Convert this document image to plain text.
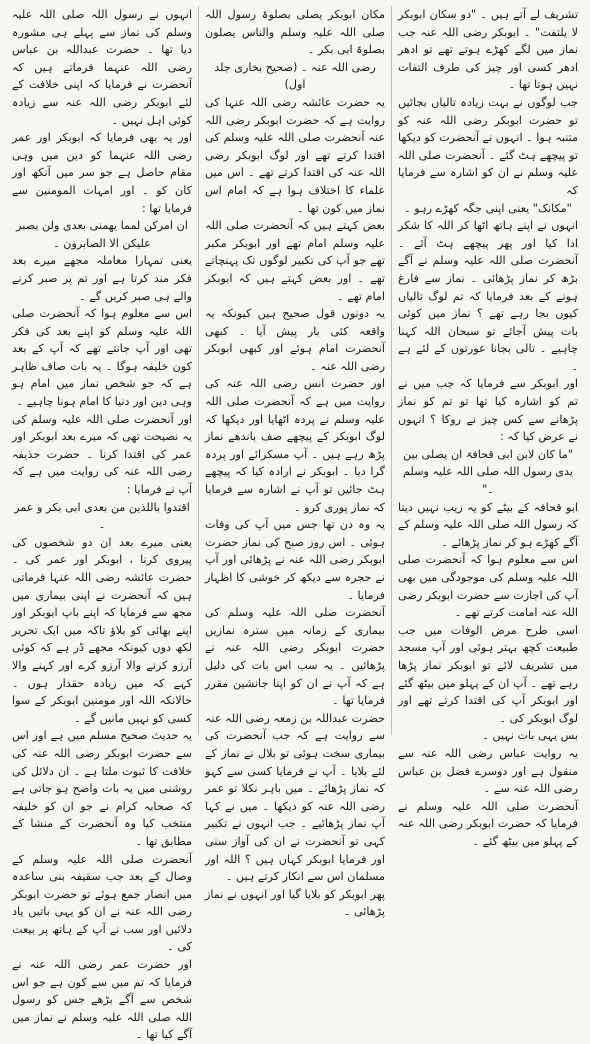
تشریف لے آتے ہیں ۔ "دو سکان ابوبکر لا یلتفت" ۔ ابوبکر رضی اللہ عنہ جب نماز میں لگے کھڑے ہوتے تھے تو ادھر ادھر کسی اور چیز کی طرف التفات نہیں ہوتا تھا ۔

جب لوگوں نے بہت زیادہ تالیاں بجائیں تو حضرت ابوبکر رضی اللہ عنہ کو متنبہ ہوا ۔ انہوں نے آنحضرت کو دیکھا تو پیچھے ہٹ گئے ۔ آنحضرت صلی اللہ علیہ وسلم نے ان کو اشارہ سے فرمایا کہ

"مکانک" یعنی اپنی جگہ کھڑے رہو ۔

انہوں نے اپنے ہاتھ اٹھا کر اللہ کا شکر ادا کیا اور پھر پیچھے ہٹ آئے ۔ آنحضرت صلی اللہ علیہ وسلم نے آگے بڑھ کر نماز پڑھائی ۔ نماز سے فارغ ہونے کے بعد فرمایا کہ تم لوگ تالیاں کیوں بجا رہے تھے ؟ نماز میں کوئی بات پیش آجائے تو سبحان اللہ کہنا چاہیے ۔ تالی بجانا عورتوں کے لئے ہے ۔

اور ابوبکر سے فرمایا کہ جب میں نے تم کو اشارہ کیا تھا تو تم کو نماز پڑھانے سے کس چیز نے روکا ؟ انہوں نے عرض کیا کہ :

"ما کان لابن ابی قحافۃ ان یصلی بین یدی رسول اللہ صلی اللہ علیہ وسلم ۔"

ابو قحافہ کے بیٹے کو یہ زیب نہیں دیتا کہ رسول اللہ صلی اللہ علیہ وسلم کے آگے کھڑے ہو کر نماز پڑھائے ۔

اس سے معلوم ہوا کہ آنحضرت صلی اللہ علیہ وسلم کی موجودگی میں بھی آپ کی اجازت سے حضرت ابوبکر رضی اللہ عنہ امامت کرتے تھے ۔

اسی طرح مرض الوفات میں جب طبیعت کچھ بہتر ہوئی اور آپ مسجد میں تشریف لائے تو ابوبکر نماز پڑھا رہے تھے ۔ آپ ان کے پہلو میں بیٹھ گئے اور ابوبکر آپ کی اقتدا کرتے تھے اور لوگ ابوبکر کی ۔

بس یہی بات نہیں ۔

یہ روایت عباس رضی اللہ عنہ سے منقول ہے اور دوسرے فضل بن عباس رضی اللہ عنہ سے ۔

آنحضرت صلی اللہ علیہ وسلم نے فرمایا کہ حضرت ابوبکر رضی اللہ عنہ کے پہلو میں بیٹھ گئے ۔

مکان ابوبکر یصلی بصلوۃ رسول اللہ صلی اللہ علیہ وسلم والناس یصلون بصلوۃ ابی بکر ۔

رضی اللہ عنہ ۔ (صحیح بخاری جلد اول)

یہ حضرت عائشہ رضی اللہ عنہا کی روایت ہے کہ حضرت ابوبکر رضی اللہ عنہ آنحضرت صلی اللہ علیہ وسلم کی اقتدا کرتے تھے اور لوگ ابوبکر رضی اللہ عنہ کی اقتدا کرتے تھے ۔ اس میں علماء کا اختلاف ہوا ہے کہ امام اس نماز میں کون تھا ۔

بعض کہتے ہیں کہ آنحضرت صلی اللہ علیہ وسلم امام تھے اور ابوبکر مکبر تھے جو آپ کی تکبیر لوگوں تک پہنچاتے تھے ۔ اور بعض کہتے ہیں کہ ابوبکر امام تھے ۔

یہ دونوں قول صحیح ہیں کیونکہ یہ واقعہ کئی بار پیش آیا ۔ کبھی آنحضرت امام ہوئے اور کبھی ابوبکر رضی اللہ عنہ ۔

اور حضرت انس رضی اللہ عنہ کی روایت میں ہے کہ آنحضرت صلی اللہ علیہ وسلم نے پردہ اٹھایا اور دیکھا کہ لوگ ابوبکر کے پیچھے صف باندھے نماز پڑھ رہے ہیں ۔ آپ مسکرائے اور پردہ گرا دیا ۔ ابوبکر نے ارادہ کیا کہ پیچھے ہٹ جائیں تو آپ نے اشارہ سے فرمایا کہ نماز پوری کرو ۔

یہ وہ دن تھا جس میں آپ کی وفات ہوئی ۔ اس روز صبح کی نماز حضرت ابوبکر رضی اللہ عنہ نے پڑھائی اور آپ نے حجرہ سے دیکھ کر خوشی کا اظہار فرمایا ۔

آنحضرت صلی اللہ علیہ وسلم کی بیماری کے زمانہ میں سترہ نمازیں حضرت ابوبکر رضی اللہ عنہ نے پڑھائیں ۔ یہ سب اس بات کی دلیل ہے کہ آپ نے ان کو اپنا جانشین مقرر فرمایا تھا ۔

حضرت عبداللہ بن زمعہ رضی اللہ عنہ سے روایت ہے کہ جب آنحضرت کی بیماری سخت ہوئی تو بلال نے نماز کے لئے بلایا ۔ آپ نے فرمایا کسی سے کہو کہ نماز پڑھائے ۔ میں باہر نکلا تو عمر رضی اللہ عنہ کو دیکھا ۔ میں نے کہا آپ نماز پڑھائیے ۔ جب انہوں نے تکبیر کہی تو آنحضرت نے ان کی آواز سنی اور فرمایا ابوبکر کہاں ہیں ؟ اللہ اور مسلمان اس سے انکار کرتے ہیں ۔

پھر ابوبکر کو بلایا گیا اور انہوں نے نماز پڑھائی ۔

انہوں نے رسول اللہ صلی اللہ علیہ وسلم کی نماز سے پہلے ہی مشورہ دیا تھا ۔ حضرت عبداللہ بن عباس رضی اللہ عنہما فرماتے ہیں کہ آنحضرت نے فرمایا کہ اپنی خلافت کے لئے ابوبکر رضی اللہ عنہ سے زیادہ کوئی اہل نہیں ۔

اور یہ بھی فرمایا کہ ابوبکر اور عمر رضی اللہ عنہما کو دین میں وہی مقام حاصل ہے جو سر میں آنکھ اور کان کو ۔ اور امہات المومنین سے فرمایا تھا :

ان امرکن لمما یهمنی بعدی ولن یصبر علیکن الا الصابرون ۔

یعنی تمہارا معاملہ مجھے میرے بعد فکر مند کرتا ہے اور تم پر صبر کرنے والے ہی صبر کریں گے ۔

اس سے معلوم ہوا کہ آنحضرت صلی اللہ علیہ وسلم کو اپنے بعد کی فکر تھی اور آپ جانتے تھے کہ آپ کے بعد کون خلیفہ ہوگا ۔ یہ بات صاف ظاہر ہے کہ جو شخص نماز میں امام ہو وہی دین اور دنیا کا امام ہونا چاہیے ۔

اور آنحضرت صلی اللہ علیہ وسلم کی یہ نصیحت تھی کہ میرے بعد ابوبکر اور عمر کی اقتدا کرنا ۔ حضرت حذیفہ رضی اللہ عنہ کی روایت میں ہے کہ آپ نے فرمایا :

اقتدوا باللذین من بعدی ابی بکر و عمر ۔

یعنی میرے بعد ان دو شخصوں کی پیروی کرنا ، ابوبکر اور عمر کی ۔ حضرت عائشہ رضی اللہ عنہا فرماتی ہیں کہ آنحضرت نے اپنی بیماری میں مجھ سے فرمایا کہ اپنے باپ ابوبکر اور اپنے بھائی کو بلاؤ تاکہ میں ایک تحریر لکھ دوں کیونکہ مجھے ڈر ہے کہ کوئی آرزو کرنے والا آرزو کرے اور کہنے والا کہے کہ میں زیادہ حقدار ہوں ۔ حالانکہ اللہ اور مومنین ابوبکر کے سوا کسی کو نہیں مانیں گے ۔

یہ حدیث صحیح مسلم میں ہے اور اس سے حضرت ابوبکر رضی اللہ عنہ کی خلافت کا ثبوت ملتا ہے ۔ ان دلائل کی روشنی میں یہ بات واضح ہو جاتی ہے کہ صحابہ کرام نے جو ان کو خلیفہ منتخب کیا وہ آنحضرت کے منشا کے مطابق تھا ۔

آنحضرت صلی اللہ علیہ وسلم کے وصال کے بعد جب سقیفہ بنی ساعدہ میں انصار جمع ہوئے تو حضرت ابوبکر رضی اللہ عنہ نے ان کو یہی باتیں یاد دلائیں اور سب نے آپ کے ہاتھ پر بیعت کی ۔

اور حضرت عمر رضی اللہ عنہ نے فرمایا کہ تم میں سے کون ہے جو اس شخص سے آگے بڑھے جس کو رسول اللہ صلی اللہ علیہ وسلم نے نماز میں آگے کیا تھا ۔
